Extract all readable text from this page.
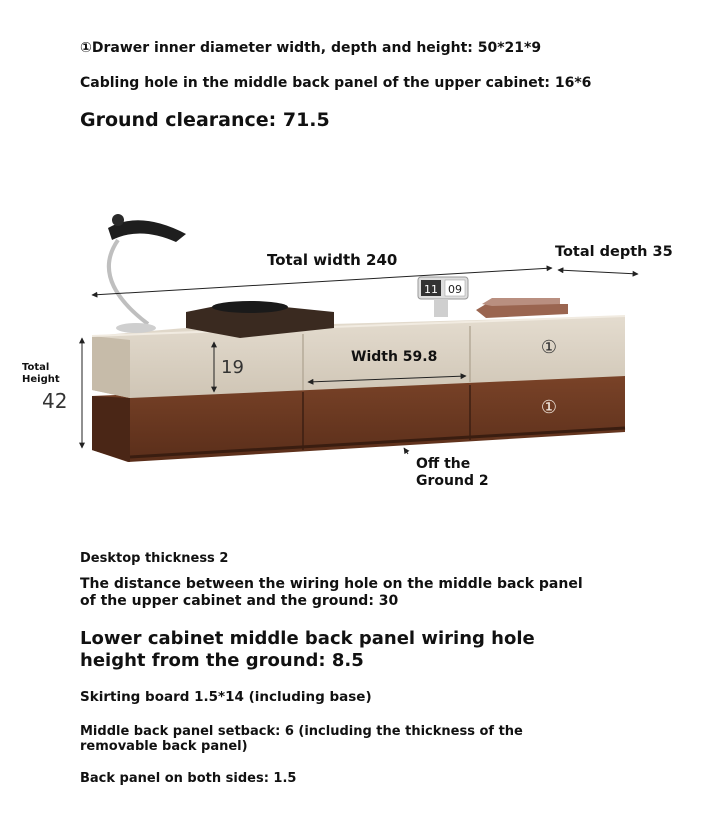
①Drawer inner diameter width, depth and height: 50*21*9

Cabling hole in the middle back panel of the upper cabinet: 16*6

Ground clearance: 71.5

11 09
Total width 240	Total depth 35
Total
Height
42
19	Width 59.8	①
①
Off the
Ground 2

Desktop thickness 2

The distance between the wiring hole on the middle back panel of the upper cabinet and the ground: 30

Lower cabinet middle back panel wiring hole height from the ground: 8.5

Skirting board 1.5*14 (including base)

Middle back panel setback: 6 (including the thickness of the removable back panel)

Back panel on both sides: 1.5
